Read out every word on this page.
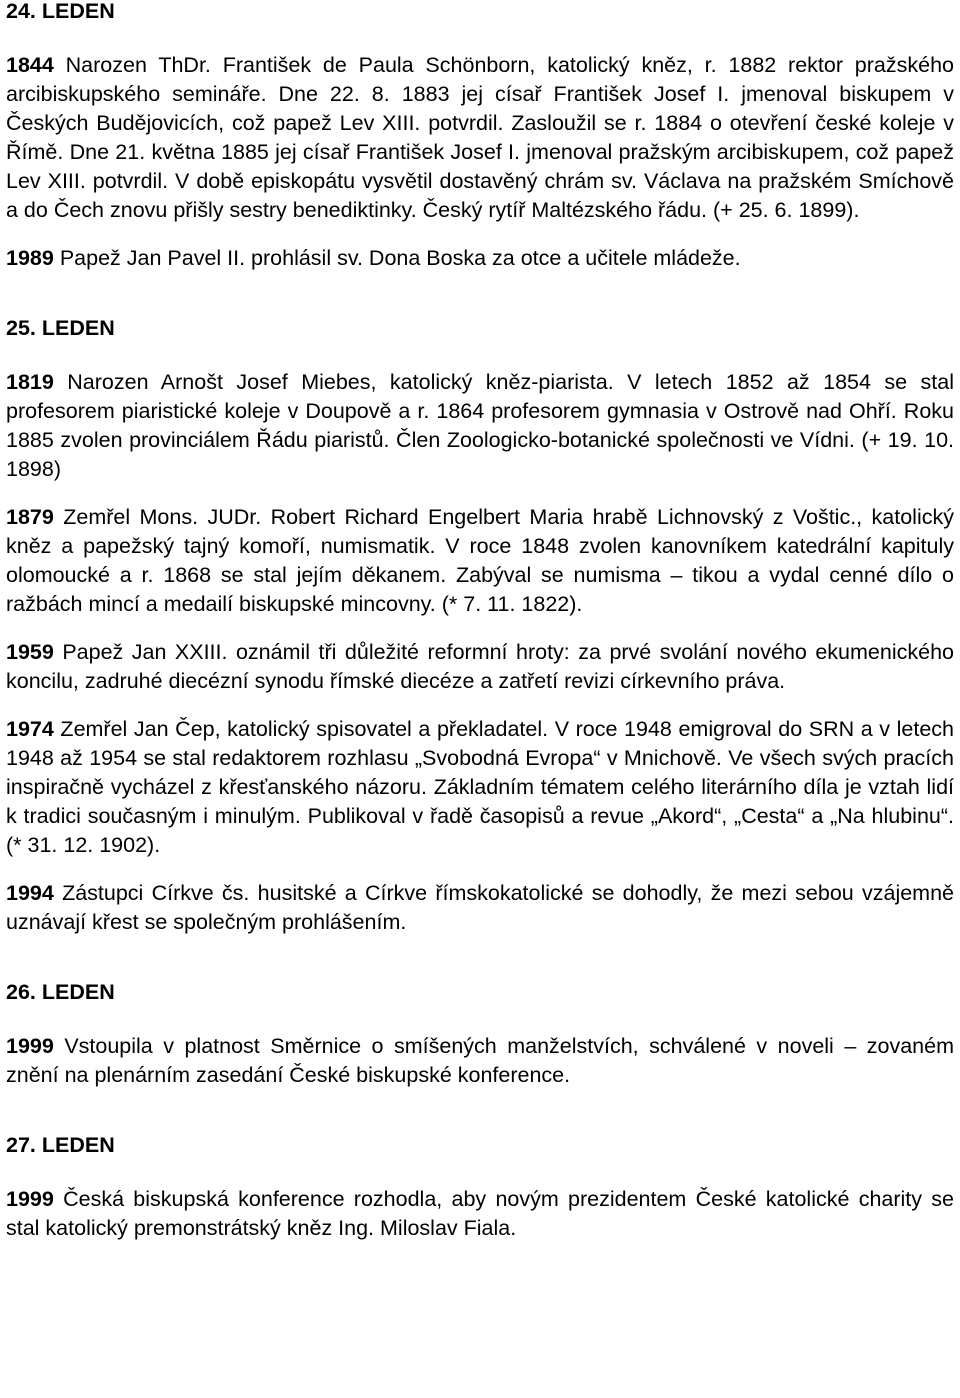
24. LEDEN

1844 Narozen ThDr. František de Paula Schönborn, katolický kněz, r. 1882 rektor pražského arcibiskupského semináře. Dne 22. 8. 1883 jej císař František Josef I. jmenoval biskupem v Českých Budějovicích, což papež Lev XIII. potvrdil. Zasloužil se r. 1884 o otevření české koleje v Římě. Dne 21. května 1885 jej císař František Josef I. jmenoval pražským arcibiskupem, což papež Lev XIII. potvrdil. V době episkopátu vysvětil dostavěný chrám sv. Václava na pražském Smíchově a do Čech znovu přišly sestry benediktinky. Český rytíř Maltézského řádu. (+ 25. 6. 1899).

1989 Papež Jan Pavel II. prohlásil sv. Dona Boska za otce a učitele mládeže.

25. LEDEN

1819 Narozen Arnošt Josef Miebes, katolický kněz-piarista. V letech 1852 až 1854 se stal profesorem piaristické koleje v Doupově a r. 1864 profesorem gymnasia v Ostrově nad Ohří. Roku 1885 zvolen provinciálem Řádu piaristů. Člen Zoologicko-botanické společnosti ve Vídni. (+ 19. 10. 1898)

1879 Zemřel Mons. JUDr. Robert Richard Engelbert Maria hrabě Lichnovský z Voštic., katolický kněz a papežský tajný komoří, numismatik. V roce 1848 zvolen kanovníkem katedrální kapituly olomoucké a r. 1868 se stal jejím děkanem. Zabýval se numisma – tikou a vydal cenné dílo o ražbách mincí a medailí biskupské mincovny. (* 7. 11. 1822).

1959 Papež Jan XXIII. oznámil tři důležité reformní hroty: za prvé svolání nového ekumenického koncilu, zadruhé diecézní synodu římské diecéze a zatřetí revizi církevního práva.

1974 Zemřel Jan Čep, katolický spisovatel a překladatel. V roce 1948 emigroval do SRN a v letech 1948 až 1954 se stal redaktorem rozhlasu „Svobodná Evropa“ v Mnichově. Ve všech svých pracích inspiračně vycházel z křesťanského názoru. Základním tématem celého literárního díla je vztah lidí k tradici současným i minulým. Publikoval v řadě časopisů a revue „Akord“, „Cesta“ a „Na hlubinu“. (* 31. 12. 1902).

1994 Zástupci Církve čs. husitské a Církve římskokatolické se dohodly, že mezi sebou vzájemně uznávají křest se společným prohlášením.

26. LEDEN

1999 Vstoupila v platnost Směrnice o smíšených manželstvích, schválené v noveli – zovaném znění na plenárním zasedání České biskupské konference.

27. LEDEN

1999 Česká biskupská konference rozhodla, aby novým prezidentem České katolické charity se stal katolický premonstrátský kněz Ing. Miloslav Fiala.
